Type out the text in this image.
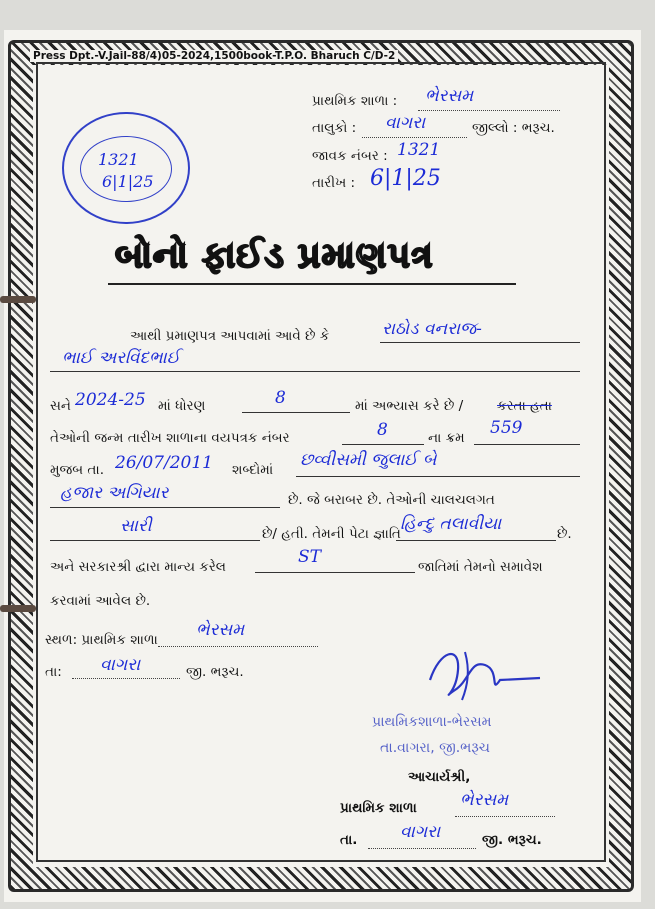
Press Dpt.-V.Jail-88/4)05-2024,1500book-T.P.O. Bharuch C/D-2
પ્રાથમિક શાળા : ભેરસમ
તાલુકો : વાગરા	જીલ્લો : ભરૂચ.
જાવક નંબર : 1321
તારીખ : 6|1|25
1321
6|1|25
બોનો ફાઈડ પ્રમાણપત્ર
આથી પ્રમાણપત્ર આપવામાં આવે છે કે	રાઠોડ વનરાજ-
ભાઈ અરવિંદભાઈ
સને 2024-25 માં ધોરણ	8	માં અભ્યાસ કરે છે /	કરતા હતા
તેઓની જન્મ તારીખ શાળાના વયપત્રક નંબર	8	ના ક્રમ 559
મુજબ તા. 26/07/2011 શબ્દોમાં છવ્વીસમી જુલાઈ બે
હજાર અગિયાર	છે. જે બરાબર છે. તેઓની ચાલચલગત
સારી	છે/ હતી. તેમની પેટા જ્ઞાતિ હિન્દુ તલાવીયા	છે.
અને સરકારશ્રી દ્વારા માન્ય કરેલ	ST	જાતિમાં તેમનો સમાવેશ
કરવામાં આવેલ છે.
સ્થળ: પ્રાથમિક શાળા ભેરસમ
તા: વાગરા	જી. ભરૂચ.
પ્રાથમિકશાળા-ભેરસમ
તા.વાગરા, જી.ભરૂચ
આચાર્યશ્રી,
પ્રાથમિક શાળા	ભેરસમ
તા.	વાગરા	જી. ભરૂચ.
